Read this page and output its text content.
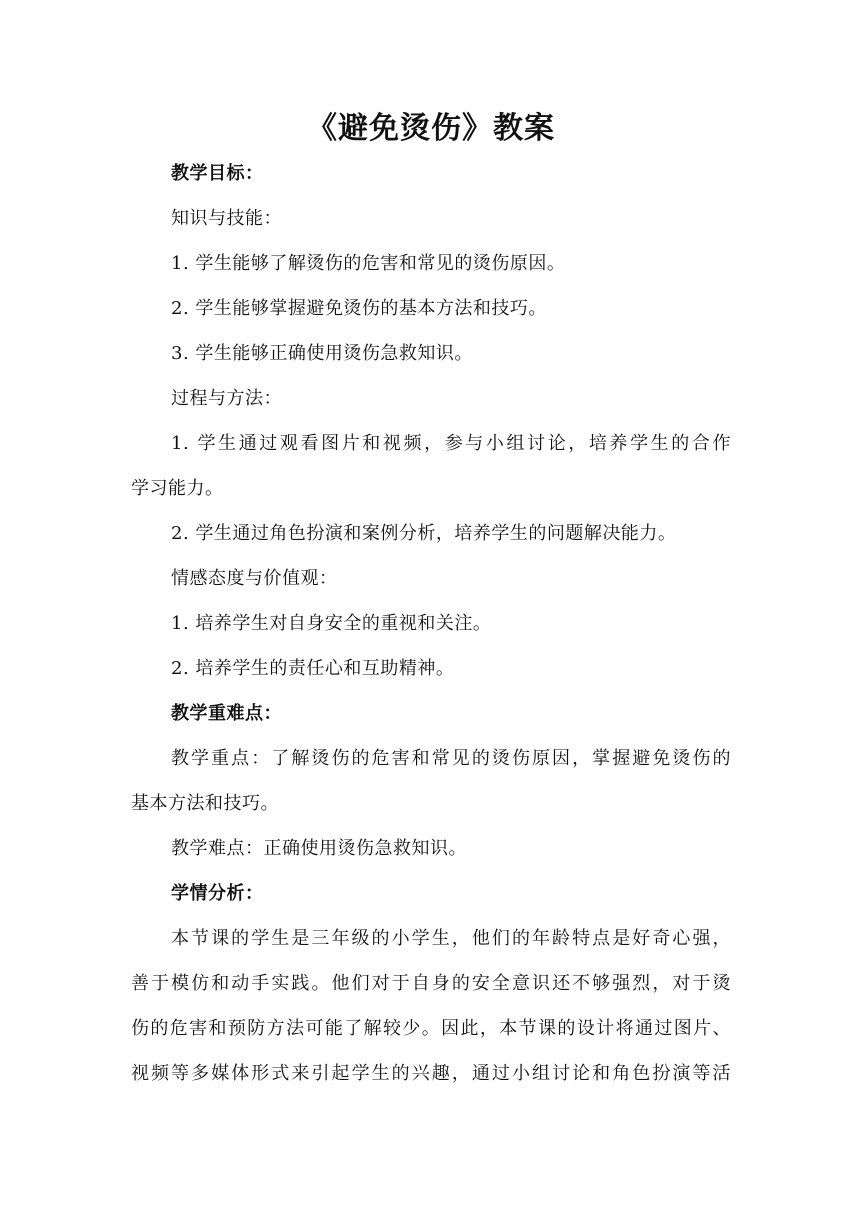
《避免烫伤》教案
教学目标：
知识与技能：
1. 学生能够了解烫伤的危害和常见的烫伤原因。
2. 学生能够掌握避免烫伤的基本方法和技巧。
3. 学生能够正确使用烫伤急救知识。
过程与方法：
1. 学生通过观看图片和视频，参与小组讨论，培养学生的合作
学习能力。
2. 学生通过角色扮演和案例分析，培养学生的问题解决能力。
情感态度与价值观：
1. 培养学生对自身安全的重视和关注。
2. 培养学生的责任心和互助精神。
教学重难点：
教学重点：了解烫伤的危害和常见的烫伤原因，掌握避免烫伤的
基本方法和技巧。
教学难点：正确使用烫伤急救知识。
学情分析：
本节课的学生是三年级的小学生，他们的年龄特点是好奇心强，
善于模仿和动手实践。他们对于自身的安全意识还不够强烈，对于烫
伤的危害和预防方法可能了解较少。因此，本节课的设计将通过图片、
视频等多媒体形式来引起学生的兴趣，通过小组讨论和角色扮演等活
